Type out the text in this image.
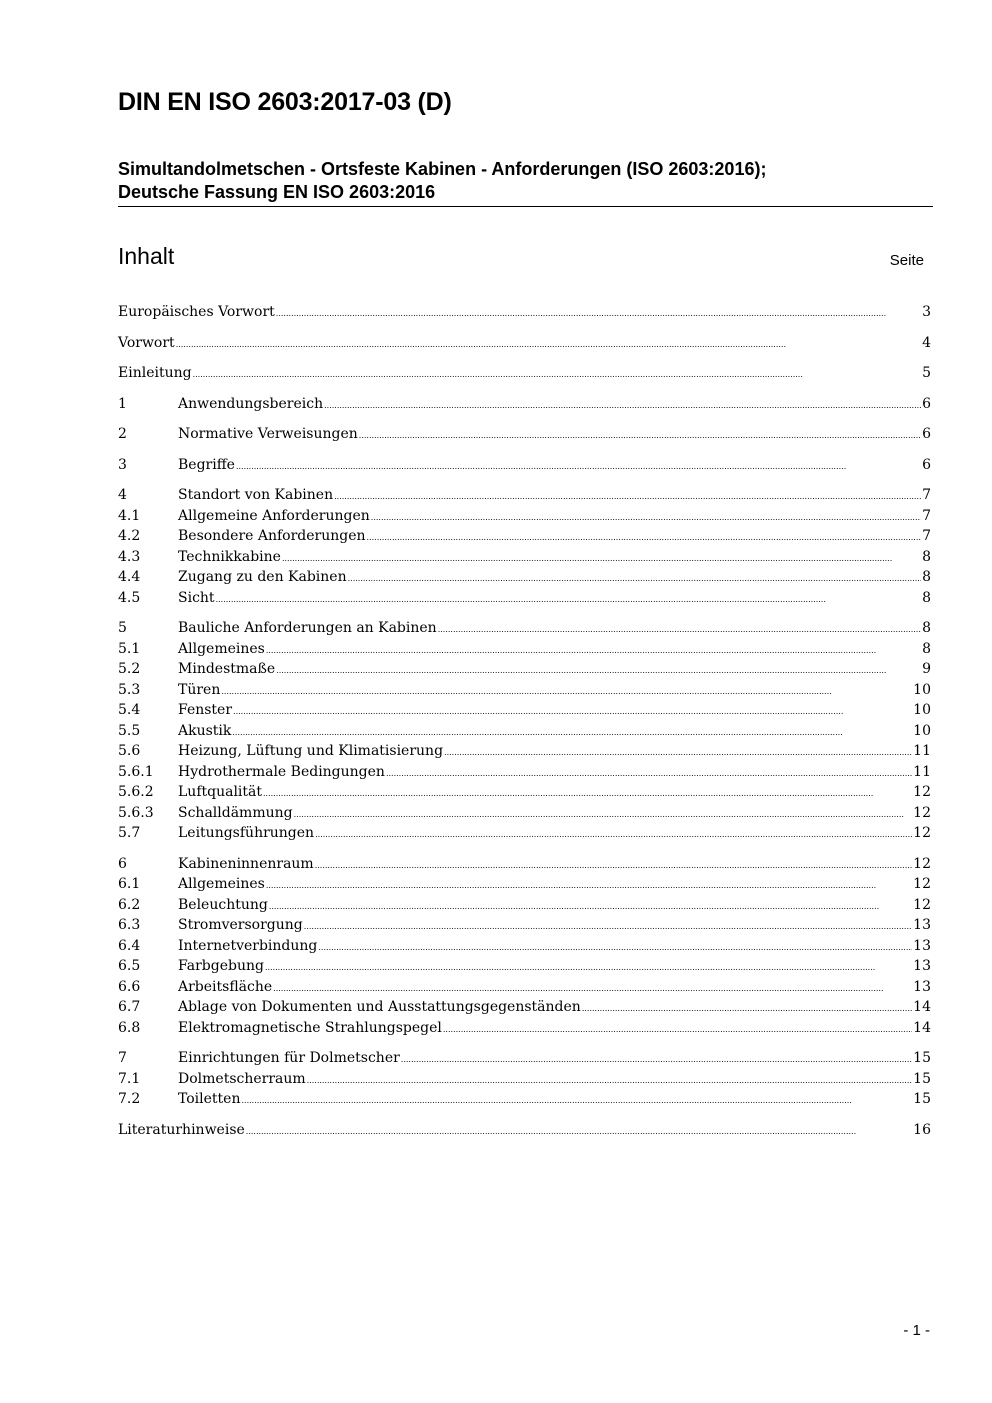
DIN EN ISO 2603:2017-03 (D)
Simultandolmetschen - Ortsfeste Kabinen - Anforderungen (ISO 2603:2016);
Deutsche Fassung EN ISO 2603:2016
Inhalt	Seite
Europäisches Vorwort .....	3
Vorwort .....	4
Einleitung .....	5
1	Anwendungsbereich .....	6
2	Normative Verweisungen .....	6
3	Begriffe .....	6
4	Standort von Kabinen .....	7
4.1	Allgemeine Anforderungen .....	7
4.2	Besondere Anforderungen .....	7
4.3	Technikkabine .....	8
4.4	Zugang zu den Kabinen .....	8
4.5	Sicht .....	8
5	Bauliche Anforderungen an Kabinen .....	8
5.1	Allgemeines .....	8
5.2	Mindestmaße .....	9
5.3	Türen .....	10
5.4	Fenster .....	10
5.5	Akustik .....	10
5.6	Heizung, Lüftung und Klimatisierung .....	11
5.6.1	Hydrothermale Bedingungen .....	11
5.6.2	Luftqualität .....	12
5.6.3	Schalldämmung .....	12
5.7	Leitungsführungen .....	12
6	Kabineninnenraum .....	12
6.1	Allgemeines .....	12
6.2	Beleuchtung .....	12
6.3	Stromversorgung .....	13
6.4	Internetverbindung .....	13
6.5	Farbgebung .....	13
6.6	Arbeitsfläche .....	13
6.7	Ablage von Dokumenten und Ausstattungsgegenständen .....	14
6.8	Elektromagnetische Strahlungspegel .....	14
7	Einrichtungen für Dolmetscher .....	15
7.1	Dolmetscherraum .....	15
7.2	Toiletten .....	15
Literaturhinweise .....	16
- 1 -
